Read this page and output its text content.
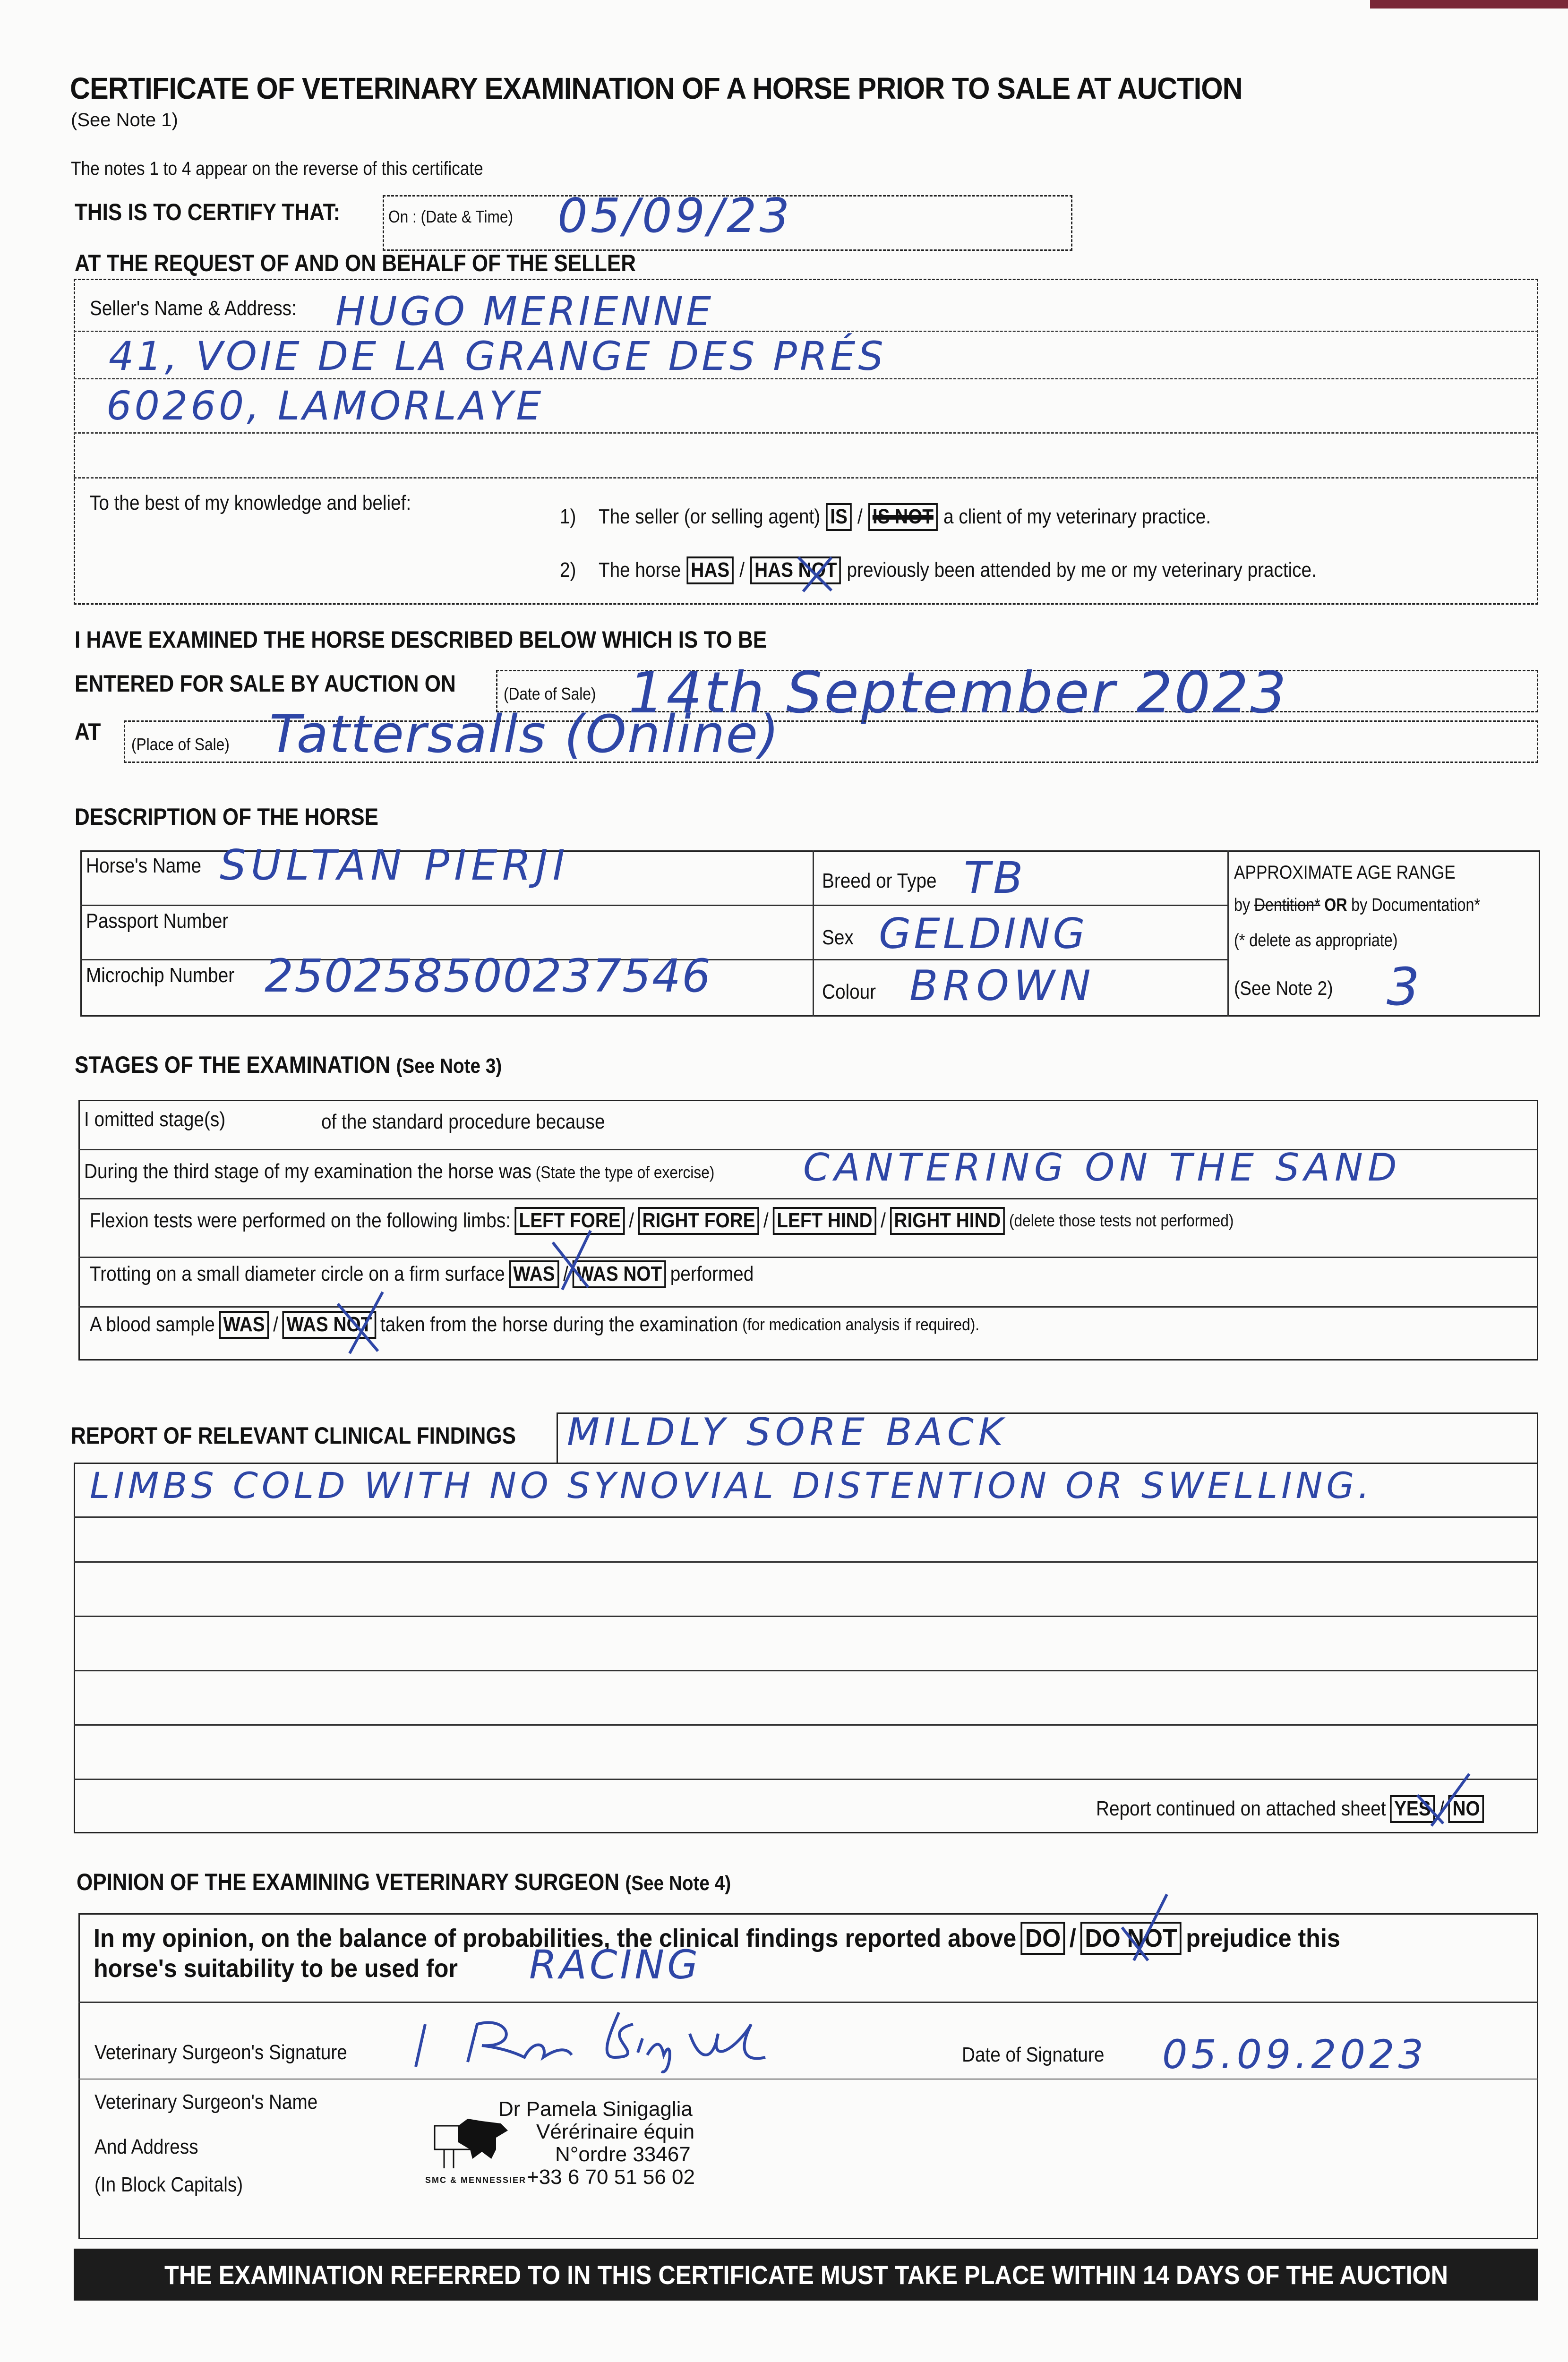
CERTIFICATE OF VETERINARY EXAMINATION OF A HORSE PRIOR TO SALE AT AUCTION
(See Note 1)
The notes 1 to 4 appear on the reverse of this certificate
THIS IS TO CERTIFY THAT:	On : (Date & Time) 05/09/23
AT THE REQUEST OF AND ON BEHALF OF THE SELLER
Seller's Name & Address: HUGO MERIENNE
41, VOIE DE LA GRANGE DES PRÉS
60260, LAMORLAYE
To the best of my knowledge and belief:
1) The seller (or selling agent) IS / IS NOT a client of my veterinary practice.
2) The horse HAS / HAS NOT previously been attended by me or my veterinary practice.
I HAVE EXAMINED THE HORSE DESCRIBED BELOW WHICH IS TO BE
ENTERED FOR SALE BY AUCTION ON	(Date of Sale) 14th September 2023
AT (Place of Sale) Tattersalls (Online)
DESCRIPTION OF THE HORSE
Horse's Name SULTAN PIERJI
Passport Number
Microchip Number 250258500237546
Breed or Type TB
Sex GELDING
Colour BROWN
APPROXIMATE AGE RANGE
by Dentition* OR by Documentation*
(* delete as appropriate)
(See Note 2) 3
STAGES OF THE EXAMINATION (See Note 3)
I omitted stage(s)	of the standard procedure because
During the third stage of my examination the horse was (State the type of exercise) CANTERING ON THE SAND
Flexion tests were performed on the following limbs: LEFT FORE / RIGHT FORE / LEFT HIND / RIGHT HIND (delete those tests not performed)
Trotting on a small diameter circle on a firm surface WAS / WAS NOT performed
A blood sample WAS / WAS NOT taken from the horse during the examination (for medication analysis if required).
REPORT OF RELEVANT CLINICAL FINDINGS MILDLY SORE BACK
LIMBS COLD WITH NO SYNOVIAL DISTENTION OR SWELLING.
Report continued on attached sheet YES / NO
OPINION OF THE EXAMINING VETERINARY SURGEON (See Note 4)
In my opinion, on the balance of probabilities, the clinical findings reported above DO / DO NOT prejudice this
horse's suitability to be used for RACING
Veterinary Surgeon's Signature	Date of Signature 05.09.2023
Veterinary Surgeon's Name
And Address
(In Block Capitals)	SMC & MENNESSIER
Dr Pamela Sinigaglia
Vérérinaire équin
N°ordre 33467
+33 6 70 51 56 02
THE EXAMINATION REFERRED TO IN THIS CERTIFICATE MUST TAKE PLACE WITHIN 14 DAYS OF THE AUCTION
